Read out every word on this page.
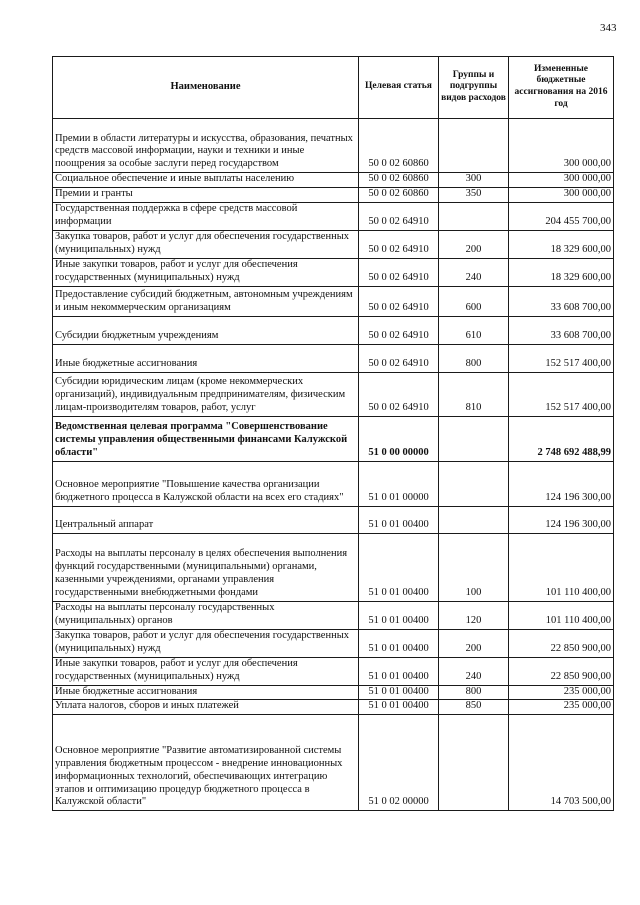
343
Наименование	Целевая статья	Группы и подгруппы видов расходов	Измененные бюджетные ассигнования на 2016 год
Премии в области литературы и искусства, образования, печатных средств массовой информации, науки и техники и иные поощрения за особые заслуги перед государством	50 0 02 60860		300 000,00
Социальное обеспечение и иные выплаты населению	50 0 02 60860	300	300 000,00
Премии и гранты	50 0 02 60860	350	300 000,00
Государственная поддержка в сфере средств массовой информации	50 0 02 64910		204 455 700,00
Закупка товаров, работ и услуг для обеспечения государственных (муниципальных) нужд	50 0 02 64910	200	18 329 600,00
Иные закупки товаров, работ и услуг для обеспечения государственных (муниципальных) нужд	50 0 02 64910	240	18 329 600,00
Предоставление субсидий бюджетным, автономным учреждениям и иным некоммерческим организациям	50 0 02 64910	600	33 608 700,00
Субсидии бюджетным учреждениям	50 0 02 64910	610	33 608 700,00
Иные бюджетные ассигнования	50 0 02 64910	800	152 517 400,00
Субсидии юридическим лицам (кроме некоммерческих организаций), индивидуальным предпринимателям, физическим лицам-производителям товаров, работ, услуг	50 0 02 64910	810	152 517 400,00
Ведомственная целевая программа "Совершенствование системы управления общественными финансами Калужской области"	51 0 00 00000		2 748 692 488,99
Основное мероприятие "Повышение качества организации бюджетного процесса в Калужской области на всех его стадиях"	51 0 01 00000		124 196 300,00
Центральный аппарат	51 0 01 00400		124 196 300,00
Расходы на выплаты персоналу в целях обеспечения выполнения функций государственными (муниципальными) органами, казенными учреждениями, органами управления государственными внебюджетными фондами	51 0 01 00400	100	101 110 400,00
Расходы на выплаты персоналу государственных (муниципальных) органов	51 0 01 00400	120	101 110 400,00
Закупка товаров, работ и услуг для обеспечения государственных (муниципальных) нужд	51 0 01 00400	200	22 850 900,00
Иные закупки товаров, работ и услуг для обеспечения государственных (муниципальных) нужд	51 0 01 00400	240	22 850 900,00
Иные бюджетные ассигнования	51 0 01 00400	800	235 000,00
Уплата налогов, сборов и иных платежей	51 0 01 00400	850	235 000,00
Основное мероприятие "Развитие автоматизированной системы управления бюджетным процессом - внедрение инновационных информационных технологий, обеспечивающих интеграцию этапов и оптимизацию процедур бюджетного процесса в Калужской области"	51 0 02 00000		14 703 500,00
